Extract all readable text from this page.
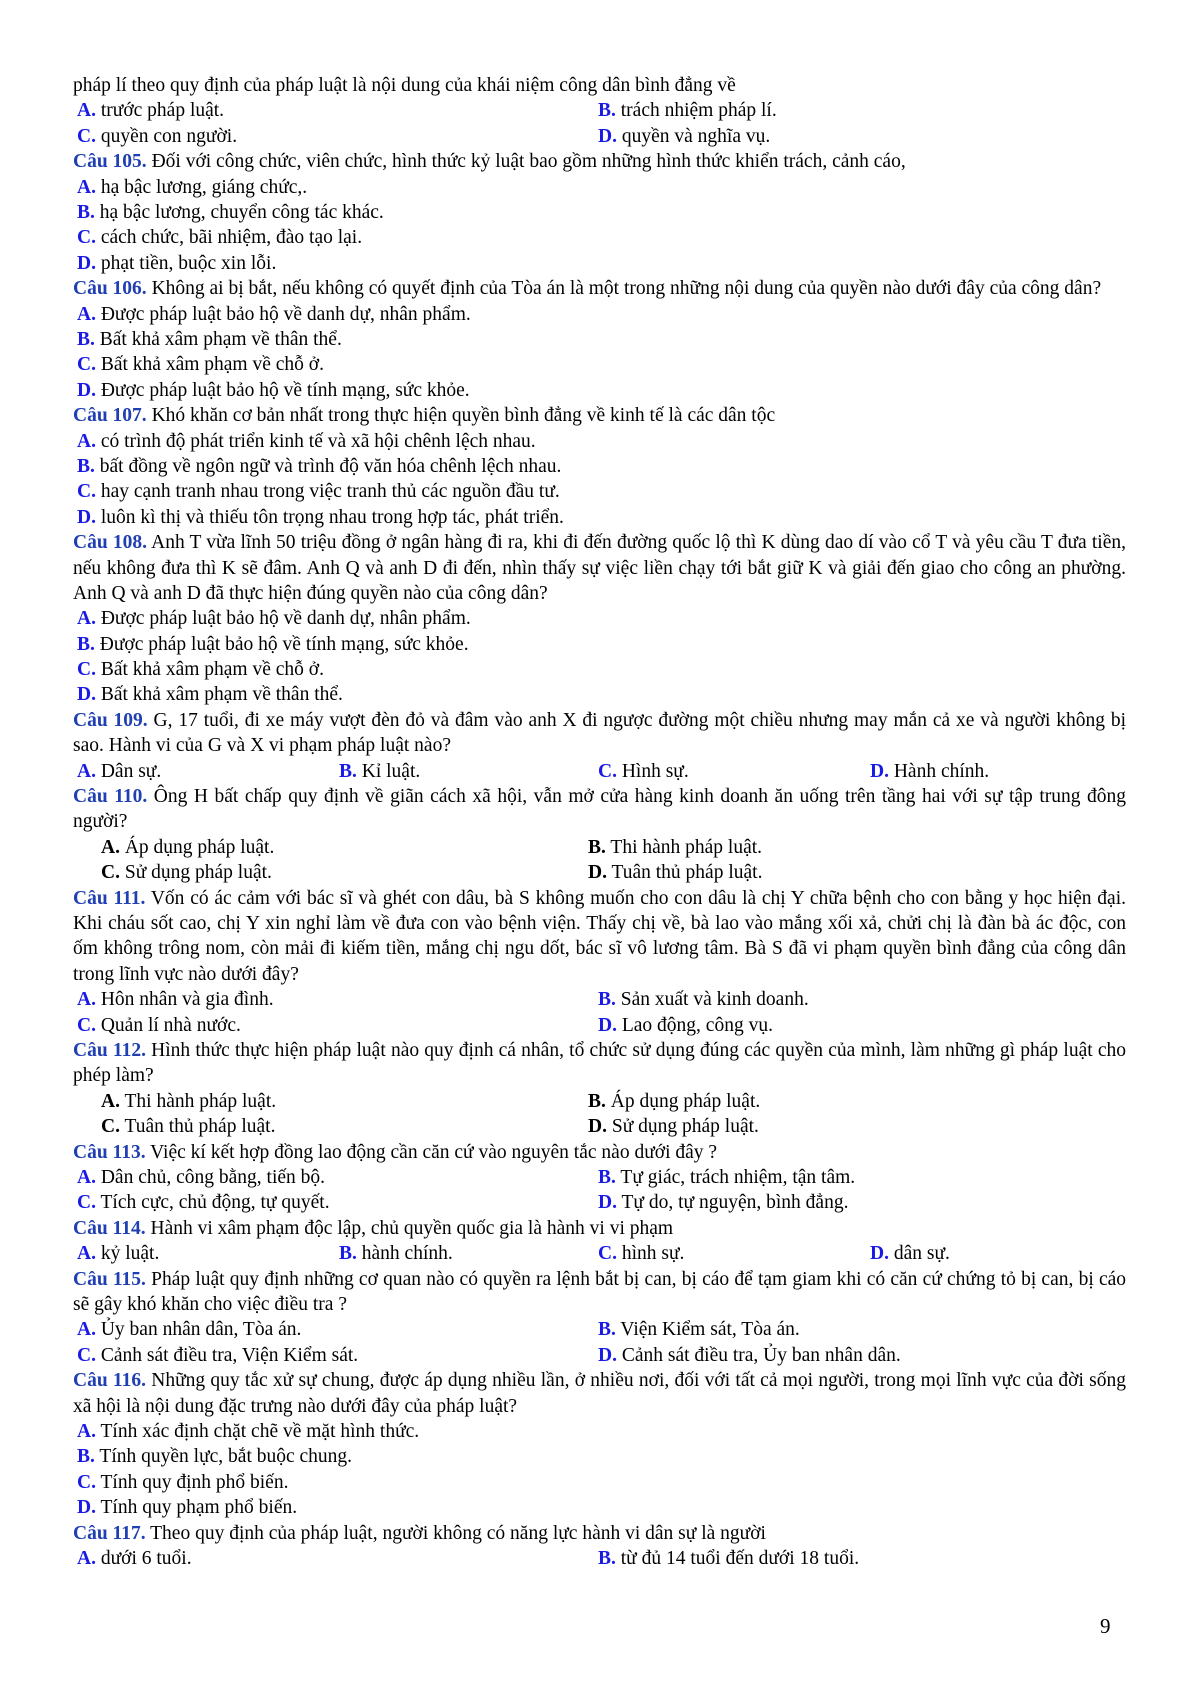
pháp lí theo quy định của pháp luật là nội dung của khái niệm công dân bình đẳng về
A. trước pháp luật.	B. trách nhiệm pháp lí.
C. quyền con người.	D. quyền và nghĩa vụ.
Câu 105. Đối với công chức, viên chức, hình thức kỷ luật bao gồm những hình thức khiển trách, cảnh cáo,
A. hạ bậc lương, giáng chức,.
B. hạ bậc lương, chuyển công tác khác.
C. cách chức, bãi nhiệm, đào tạo lại.
D. phạt tiền, buộc xin lỗi.
Câu 106. Không ai bị bắt, nếu không có quyết định của Tòa án là một trong những nội dung của quyền nào dưới đây của công dân?
A. Được pháp luật bảo hộ về danh dự, nhân phẩm.
B. Bất khả xâm phạm về thân thể.
C. Bất khả xâm phạm về chỗ ở.
D. Được pháp luật bảo hộ về tính mạng, sức khỏe.
Câu 107. Khó khăn cơ bản nhất trong thực hiện quyền bình đẳng về kinh tế là các dân tộc
A. có trình độ phát triển kinh tế và xã hội chênh lệch nhau.
B. bất đồng về ngôn ngữ và trình độ văn hóa chênh lệch nhau.
C. hay cạnh tranh nhau trong việc tranh thủ các nguồn đầu tư.
D. luôn kì thị và thiếu tôn trọng nhau trong hợp tác, phát triển.
Câu 108. Anh T vừa lĩnh 50 triệu đồng ở ngân hàng đi ra, khi đi đến đường quốc lộ thì K dùng dao dí vào cổ T và yêu cầu T đưa tiền, nếu không đưa thì K sẽ đâm. Anh Q và anh D đi đến, nhìn thấy sự việc liền chạy tới bắt giữ K và giải đến giao cho công an phường. Anh Q và anh D đã thực hiện đúng quyền nào của công dân?
A. Được pháp luật bảo hộ về danh dự, nhân phẩm.
B. Được pháp luật bảo hộ về tính mạng, sức khỏe.
C. Bất khả xâm phạm về chỗ ở.
D. Bất khả xâm phạm về thân thể.
Câu 109. G, 17 tuổi, đi xe máy vượt đèn đỏ và đâm vào anh X đi ngược đường một chiều nhưng may mắn cả xe và người không bị sao. Hành vi của G và X vi phạm pháp luật nào?
A. Dân sự.	B. Kỉ luật.	C. Hình sự.	D. Hành chính.
Câu 110. Ông H bất chấp quy định về giãn cách xã hội, vẫn mở cửa hàng kinh doanh ăn uống trên tầng hai với sự tập trung đông người?
A. Áp dụng pháp luật.	B. Thi hành pháp luật.
C. Sử dụng pháp luật.	D. Tuân thủ pháp luật.
Câu 111. Vốn có ác cảm với bác sĩ và ghét con dâu, bà S không muốn cho con dâu là chị Y chữa bệnh cho con bằng y học hiện đại. Khi cháu sốt cao, chị Y xin nghỉ làm về đưa con vào bệnh viện. Thấy chị về, bà lao vào mắng xối xả, chửi chị là đàn bà ác độc, con ốm không trông nom, còn mải đi kiếm tiền, mắng chị ngu dốt, bác sĩ vô lương tâm. Bà S đã vi phạm quyền bình đẳng của công dân trong lĩnh vực nào dưới đây?
A. Hôn nhân và gia đình.	B. Sản xuất và kinh doanh.
C. Quản lí nhà nước.	D. Lao động, công vụ.
Câu 112. Hình thức thực hiện pháp luật nào quy định cá nhân, tổ chức sử dụng đúng các quyền của mình, làm những gì pháp luật cho phép làm?
A. Thi hành pháp luật.	B. Áp dụng pháp luật.
C. Tuân thủ pháp luật.	D. Sử dụng pháp luật.
Câu 113. Việc kí kết hợp đồng lao động cần căn cứ vào nguyên tắc nào dưới đây ?
A. Dân chủ, công bằng, tiến bộ.	B. Tự giác, trách nhiệm, tận tâm.
C. Tích cực, chủ động, tự quyết.	D. Tự do, tự nguyện, bình đẳng.
Câu 114. Hành vi xâm phạm độc lập, chủ quyền quốc gia là hành vi vi phạm
A. kỷ luật.	B. hành chính.	C. hình sự.	D. dân sự.
Câu 115. Pháp luật quy định những cơ quan nào có quyền ra lệnh bắt bị can, bị cáo để tạm giam khi có căn cứ chứng tỏ bị can, bị cáo sẽ gây khó khăn cho việc điều tra ?
A. Ủy ban nhân dân, Tòa án.	B. Viện Kiểm sát, Tòa án.
C. Cảnh sát điều tra, Viện Kiểm sát.	D. Cảnh sát điều tra, Ủy ban nhân dân.
Câu 116. Những quy tắc xử sự chung, được áp dụng nhiều lần, ở nhiều nơi, đối với tất cả mọi người, trong mọi lĩnh vực của đời sống xã hội là nội dung đặc trưng nào dưới đây của pháp luật?
A. Tính xác định chặt chẽ về mặt hình thức.
B. Tính quyền lực, bắt buộc chung.
C. Tính quy định phổ biến.
D. Tính quy phạm phổ biến.
Câu 117. Theo quy định của pháp luật, người không có năng lực hành vi dân sự là người
A. dưới 6 tuổi.	B. từ đủ 14 tuổi đến dưới 18 tuổi.
9
